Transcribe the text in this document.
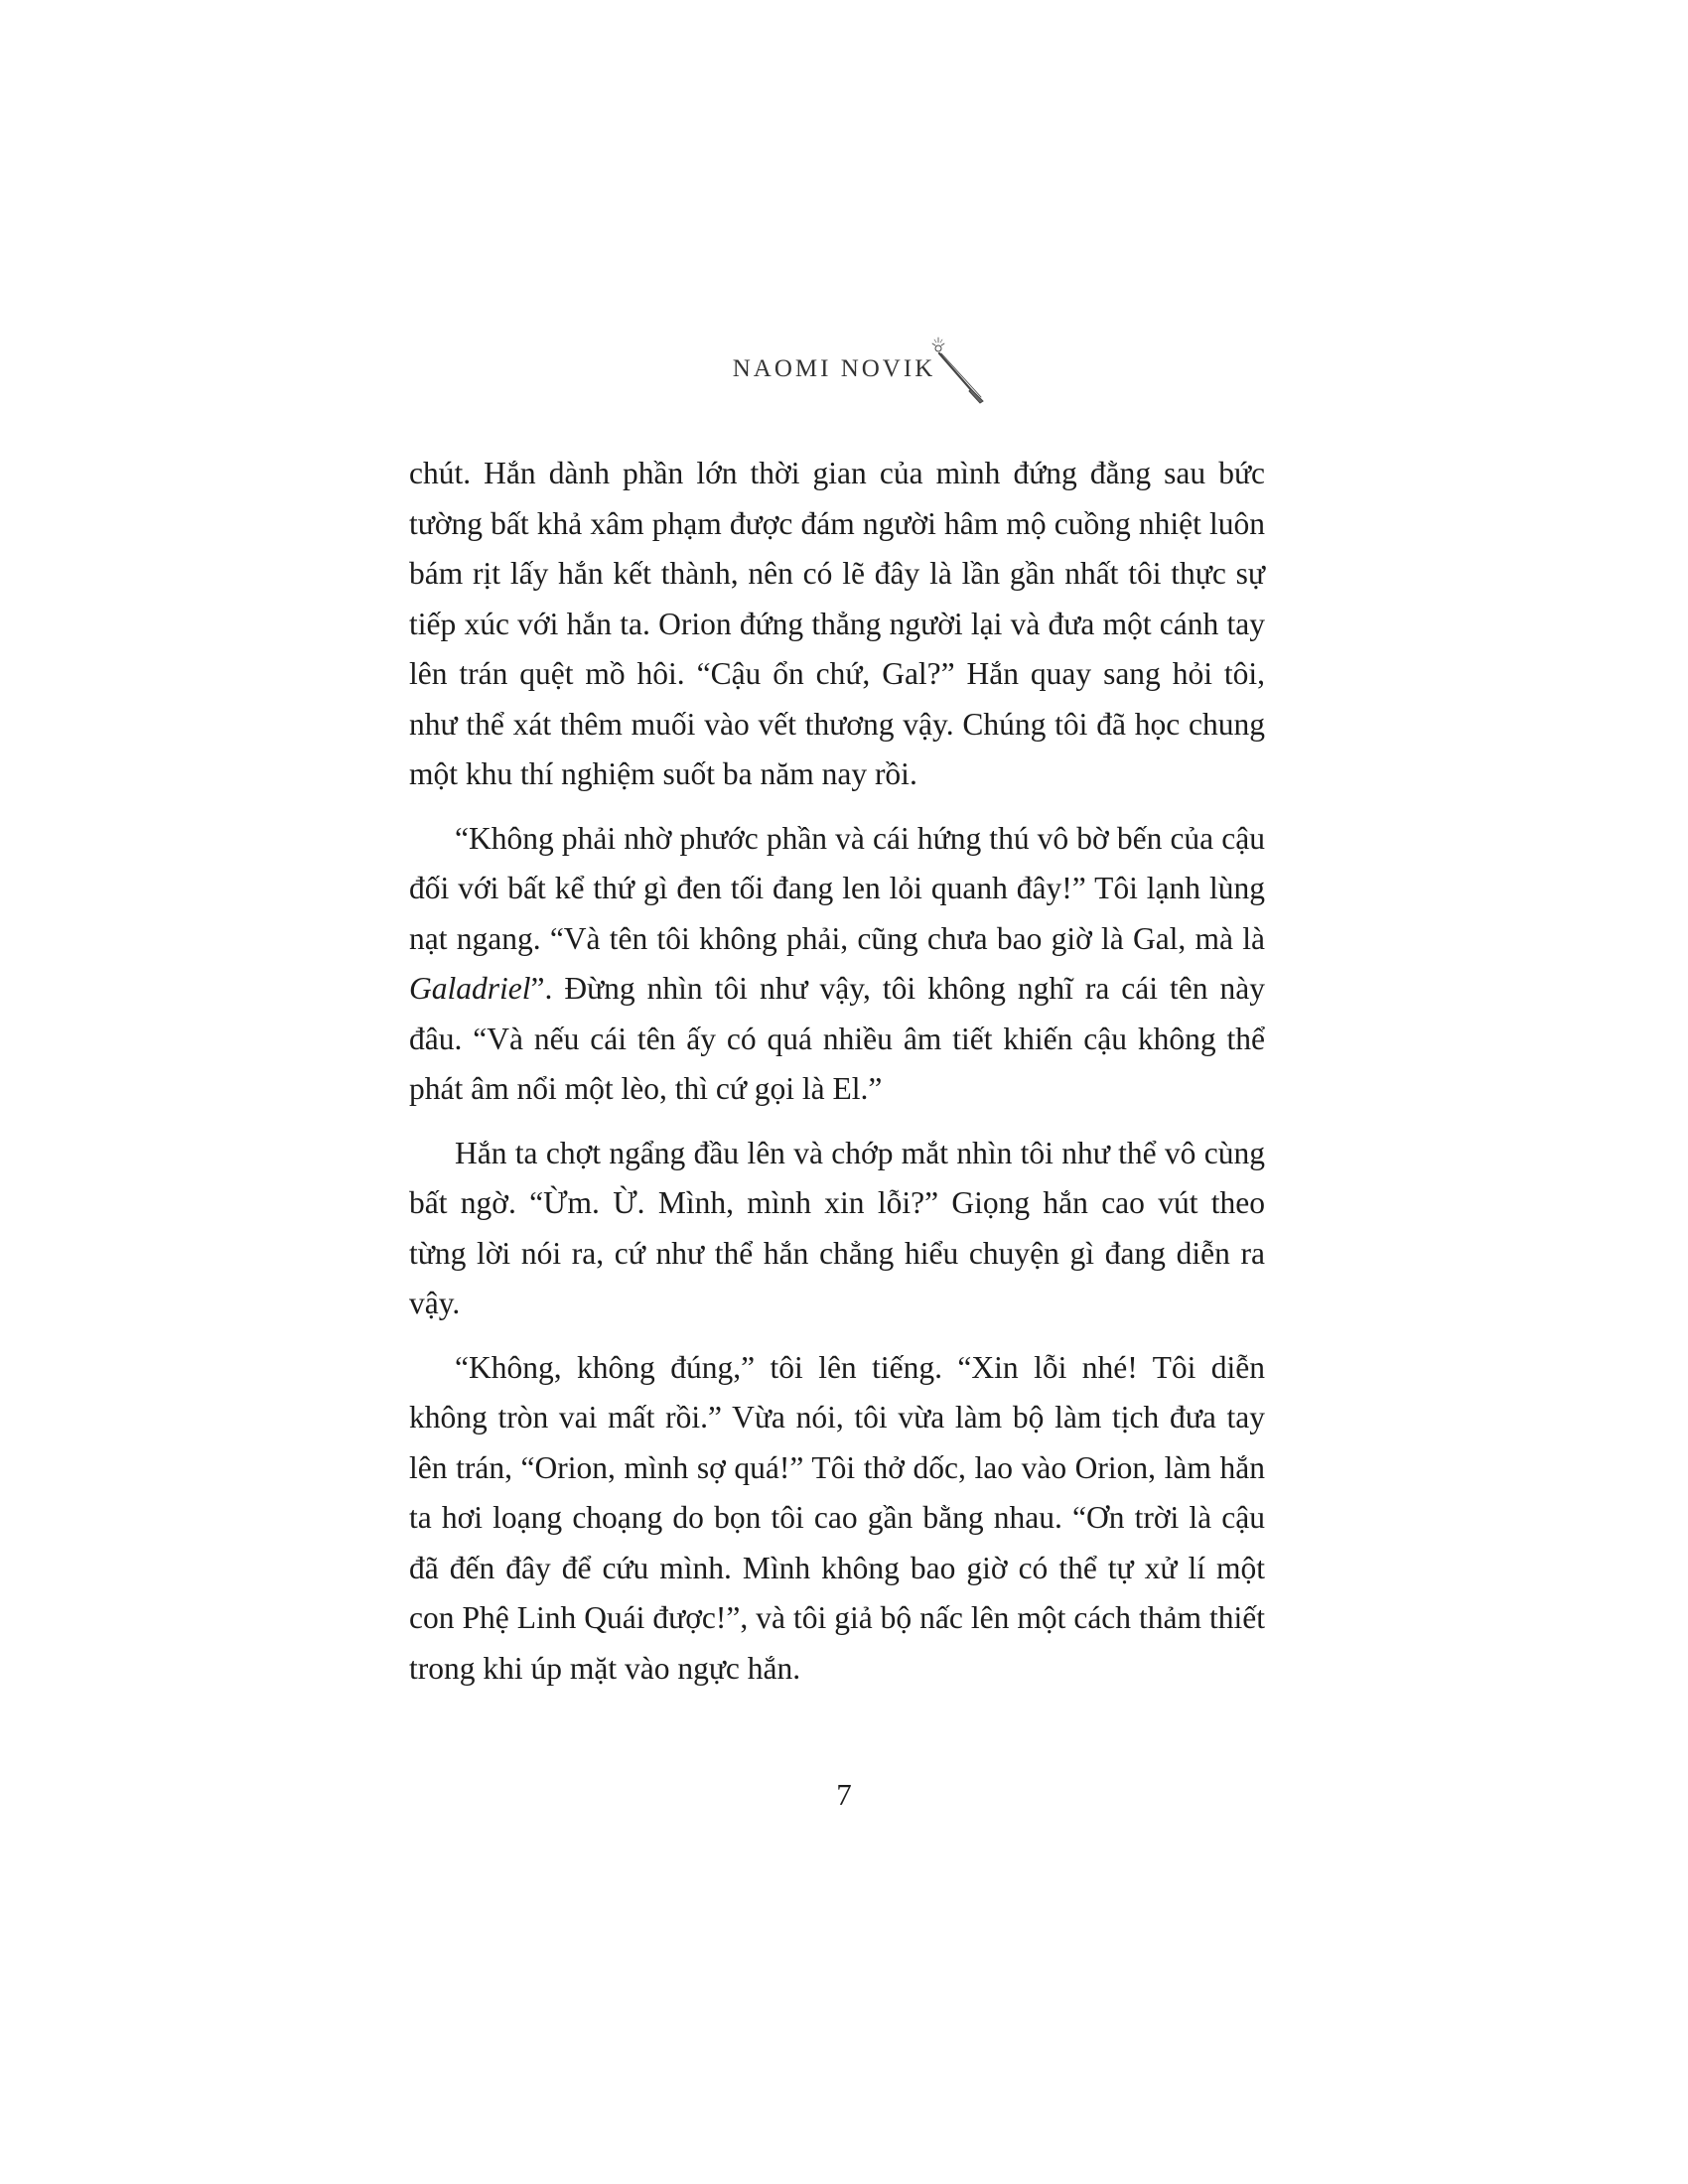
NAOMI NOVIK

chút. Hắn dành phần lớn thời gian của mình đứng đằng sau bức tường bất khả xâm phạm được đám người hâm mộ cuồng nhiệt luôn bám rịt lấy hắn kết thành, nên có lẽ đây là lần gần nhất tôi thực sự tiếp xúc với hắn ta. Orion đứng thẳng người lại và đưa một cánh tay lên trán quệt mồ hôi. “Cậu ổn chứ, Gal?” Hắn quay sang hỏi tôi, như thể xát thêm muối vào vết thương vậy. Chúng tôi đã học chung một khu thí nghiệm suốt ba năm nay rồi.

“Không phải nhờ phước phần và cái hứng thú vô bờ bến của cậu đối với bất kể thứ gì đen tối đang len lỏi quanh đây!” Tôi lạnh lùng nạt ngang. “Và tên tôi không phải, cũng chưa bao giờ là Gal, mà là Galadriel”. Đừng nhìn tôi như vậy, tôi không nghĩ ra cái tên này đâu. “Và nếu cái tên ấy có quá nhiều âm tiết khiến cậu không thể phát âm nổi một lèo, thì cứ gọi là El.”

Hắn ta chợt ngẩng đầu lên và chớp mắt nhìn tôi như thể vô cùng bất ngờ. “Ừm. Ừ. Mình, mình xin lỗi?” Giọng hắn cao vút theo từng lời nói ra, cứ như thể hắn chẳng hiểu chuyện gì đang diễn ra vậy.

“Không, không đúng,” tôi lên tiếng. “Xin lỗi nhé! Tôi diễn không tròn vai mất rồi.” Vừa nói, tôi vừa làm bộ làm tịch đưa tay lên trán, “Orion, mình sợ quá!” Tôi thở dốc, lao vào Orion, làm hắn ta hơi loạng choạng do bọn tôi cao gần bằng nhau. “Ơn trời là cậu đã đến đây để cứu mình. Mình không bao giờ có thể tự xử lí một con Phệ Linh Quái được!”, và tôi giả bộ nấc lên một cách thảm thiết trong khi úp mặt vào ngực hắn.

7
